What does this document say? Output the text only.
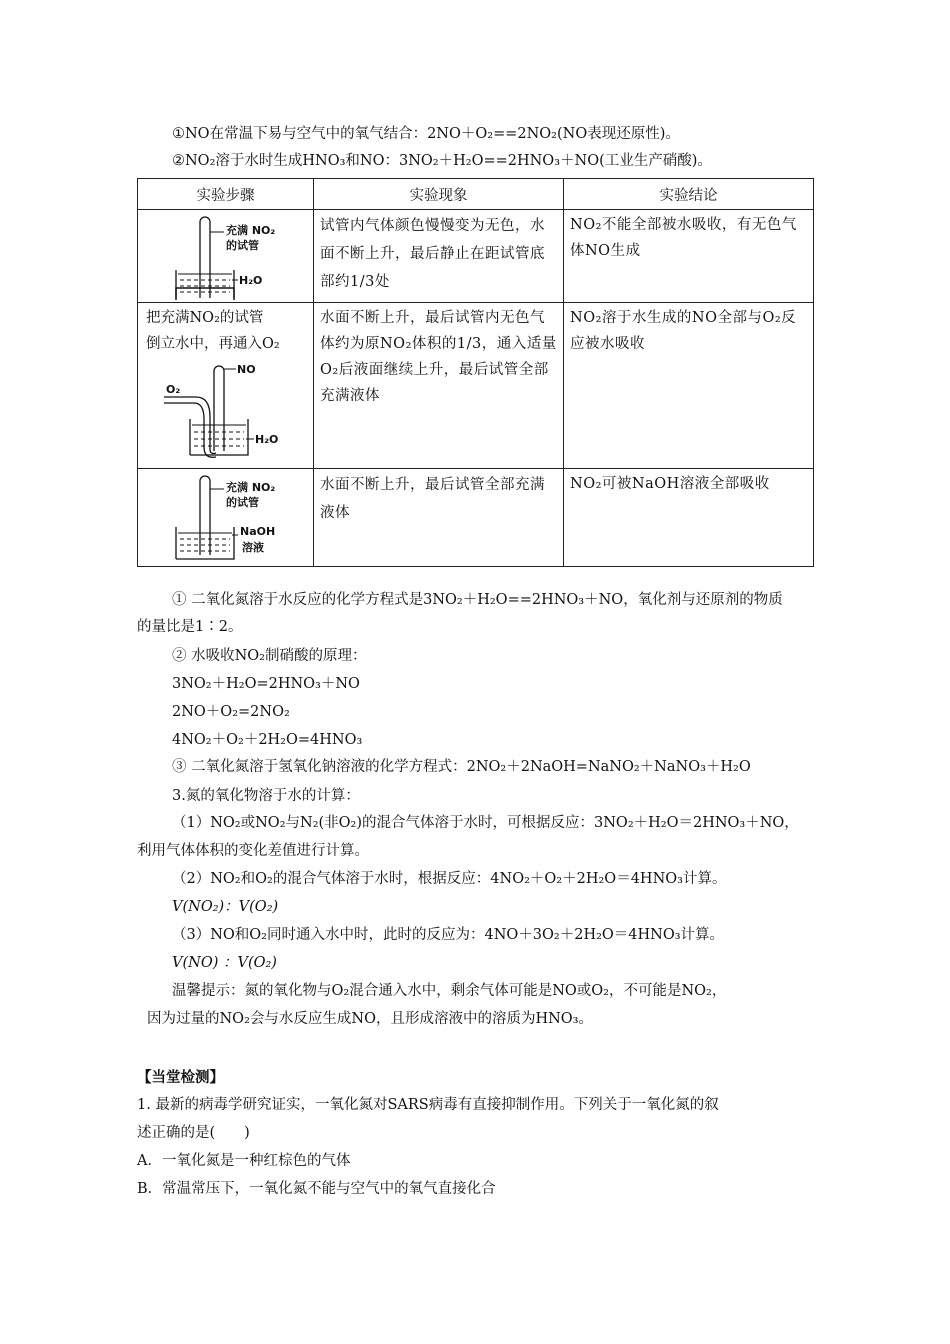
①NO在常温下易与空气中的氧气结合：2NO＋O₂==2NO₂(NO表现还原性)。
②NO₂溶于水时生成HNO₃和NO：3NO₂＋H₂O==2HNO₃＋NO(工业生产硝酸)。
实验步骤	实验现象	实验结论

充满 NO₂
的试管
H₂O	试管内气体颜色慢慢变为无色，水面不断上升，最后静止在距试管底部约1/3处	NO₂不能全部被水吸收，有无色气体NO生成

把充满NO₂的试管
倒立水中，再通入O₂
NO
O₂
H₂O	水面不断上升，最后试管内无色气体约为原NO₂体积的1/3，通入适量O₂后液面继续上升，最后试管全部充满液体	NO₂溶于水生成的NO全部与O₂反应被水吸收

充满 NO₂
的试管
NaOH
溶液	水面不断上升，最后试管全部充满液体	NO₂可被NaOH溶液全部吸收
① 二氧化氮溶于水反应的化学方程式是3NO₂＋H₂O==2HNO₃＋NO，氧化剂与还原剂的物质
的量比是1∶2。
② 水吸收NO₂制硝酸的原理：
3NO₂＋H₂O=2HNO₃＋NO
2NO＋O₂=2NO₂
4NO₂＋O₂＋2H₂O=4HNO₃
③ 二氧化氮溶于氢氧化钠溶液的化学方程式：2NO₂＋2NaOH=NaNO₂＋NaNO₃＋H₂O
3.氮的氧化物溶于水的计算：
（1）NO₂或NO₂与N₂(非O₂)的混合气体溶于水时，可根据反应：3NO₂＋H₂O＝2HNO₃＋NO，
利用气体体积的变化差值进行计算。
（2）NO₂和O₂的混合气体溶于水时，根据反应：4NO₂＋O₂＋2H₂O＝4HNO₃计算。
V(NO₂)：V(O₂)
（3）NO和O₂同时通入水中时，此时的反应为：4NO＋3O₂＋2H₂O＝4HNO₃计算。
V(NO) ：V(O₂)
温馨提示：氮的氧化物与O₂混合通入水中，剩余气体可能是NO或O₂，不可能是NO₂，
因为过量的NO₂会与水反应生成NO，且形成溶液中的溶质为HNO₃。
【当堂检测】
1. 最新的病毒学研究证实，一氧化氮对SARS病毒有直接抑制作用。下列关于一氧化氮的叙
述正确的是(　　)
A．一氧化氮是一种红棕色的气体
B．常温常压下，一氧化氮不能与空气中的氧气直接化合
